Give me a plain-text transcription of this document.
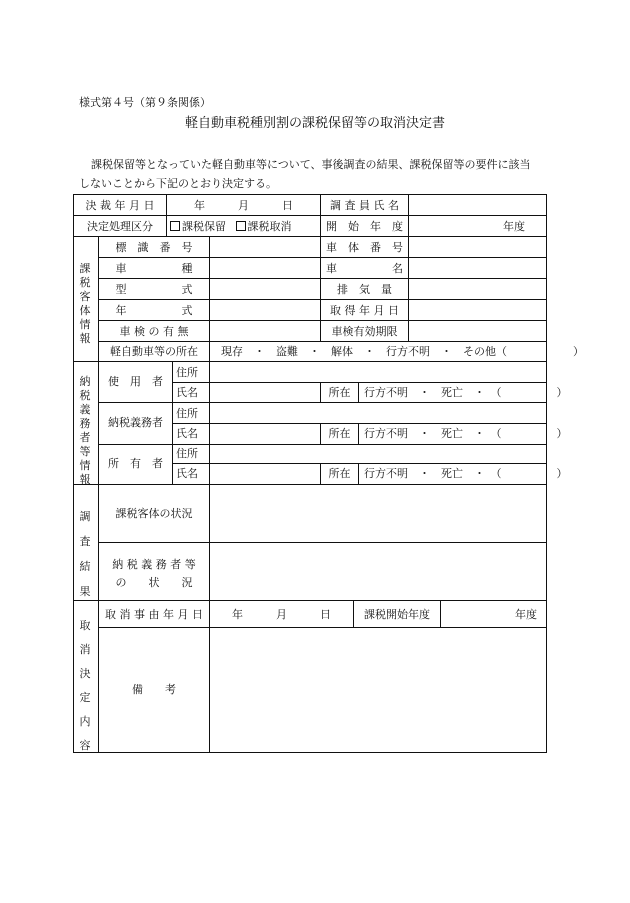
様式第４号（第９条関係）
軽自動車税種別割の課税保留等の取消決定書
課税保留等となっていた軽自動車等について、事後調査の結果、課税保留等の要件に該当
しないことから下記のとおり決定する。
決 裁 年 月 日	年　　　月　　　日	調 査 員 氏 名
決定処理区分	課税保留 課税取消	開　始　年　度	年度
課税客体情報
標　識　番　号	車　体　番　号
車　　　　　種	車　　　　　名
型　　　　　式	排　気　量
年　　　　　式	取 得 年 月 日
車 検 の 有 無	車検有効期限
軽自動車等の所在	現存　・　盗難　・　解体　・　行方不明　・　その他（　　　　　　）
納税義務者等情報
使　用　者
住所
氏名	所在	行方不明　・　死亡　・　（　　　　　）
納税義務者
住所
氏名	所在	行方不明　・　死亡　・　（　　　　　）
所　有　者
住所
氏名	所在	行方不明　・　死亡　・　（　　　　　）
調査結果
課税客体の状況
納 税 義 務 者 等
の　　状　　況
取消決定内容
取 消 事 由 年 月 日	年　　　月　　　日	課税開始年度	年度
備　　考
